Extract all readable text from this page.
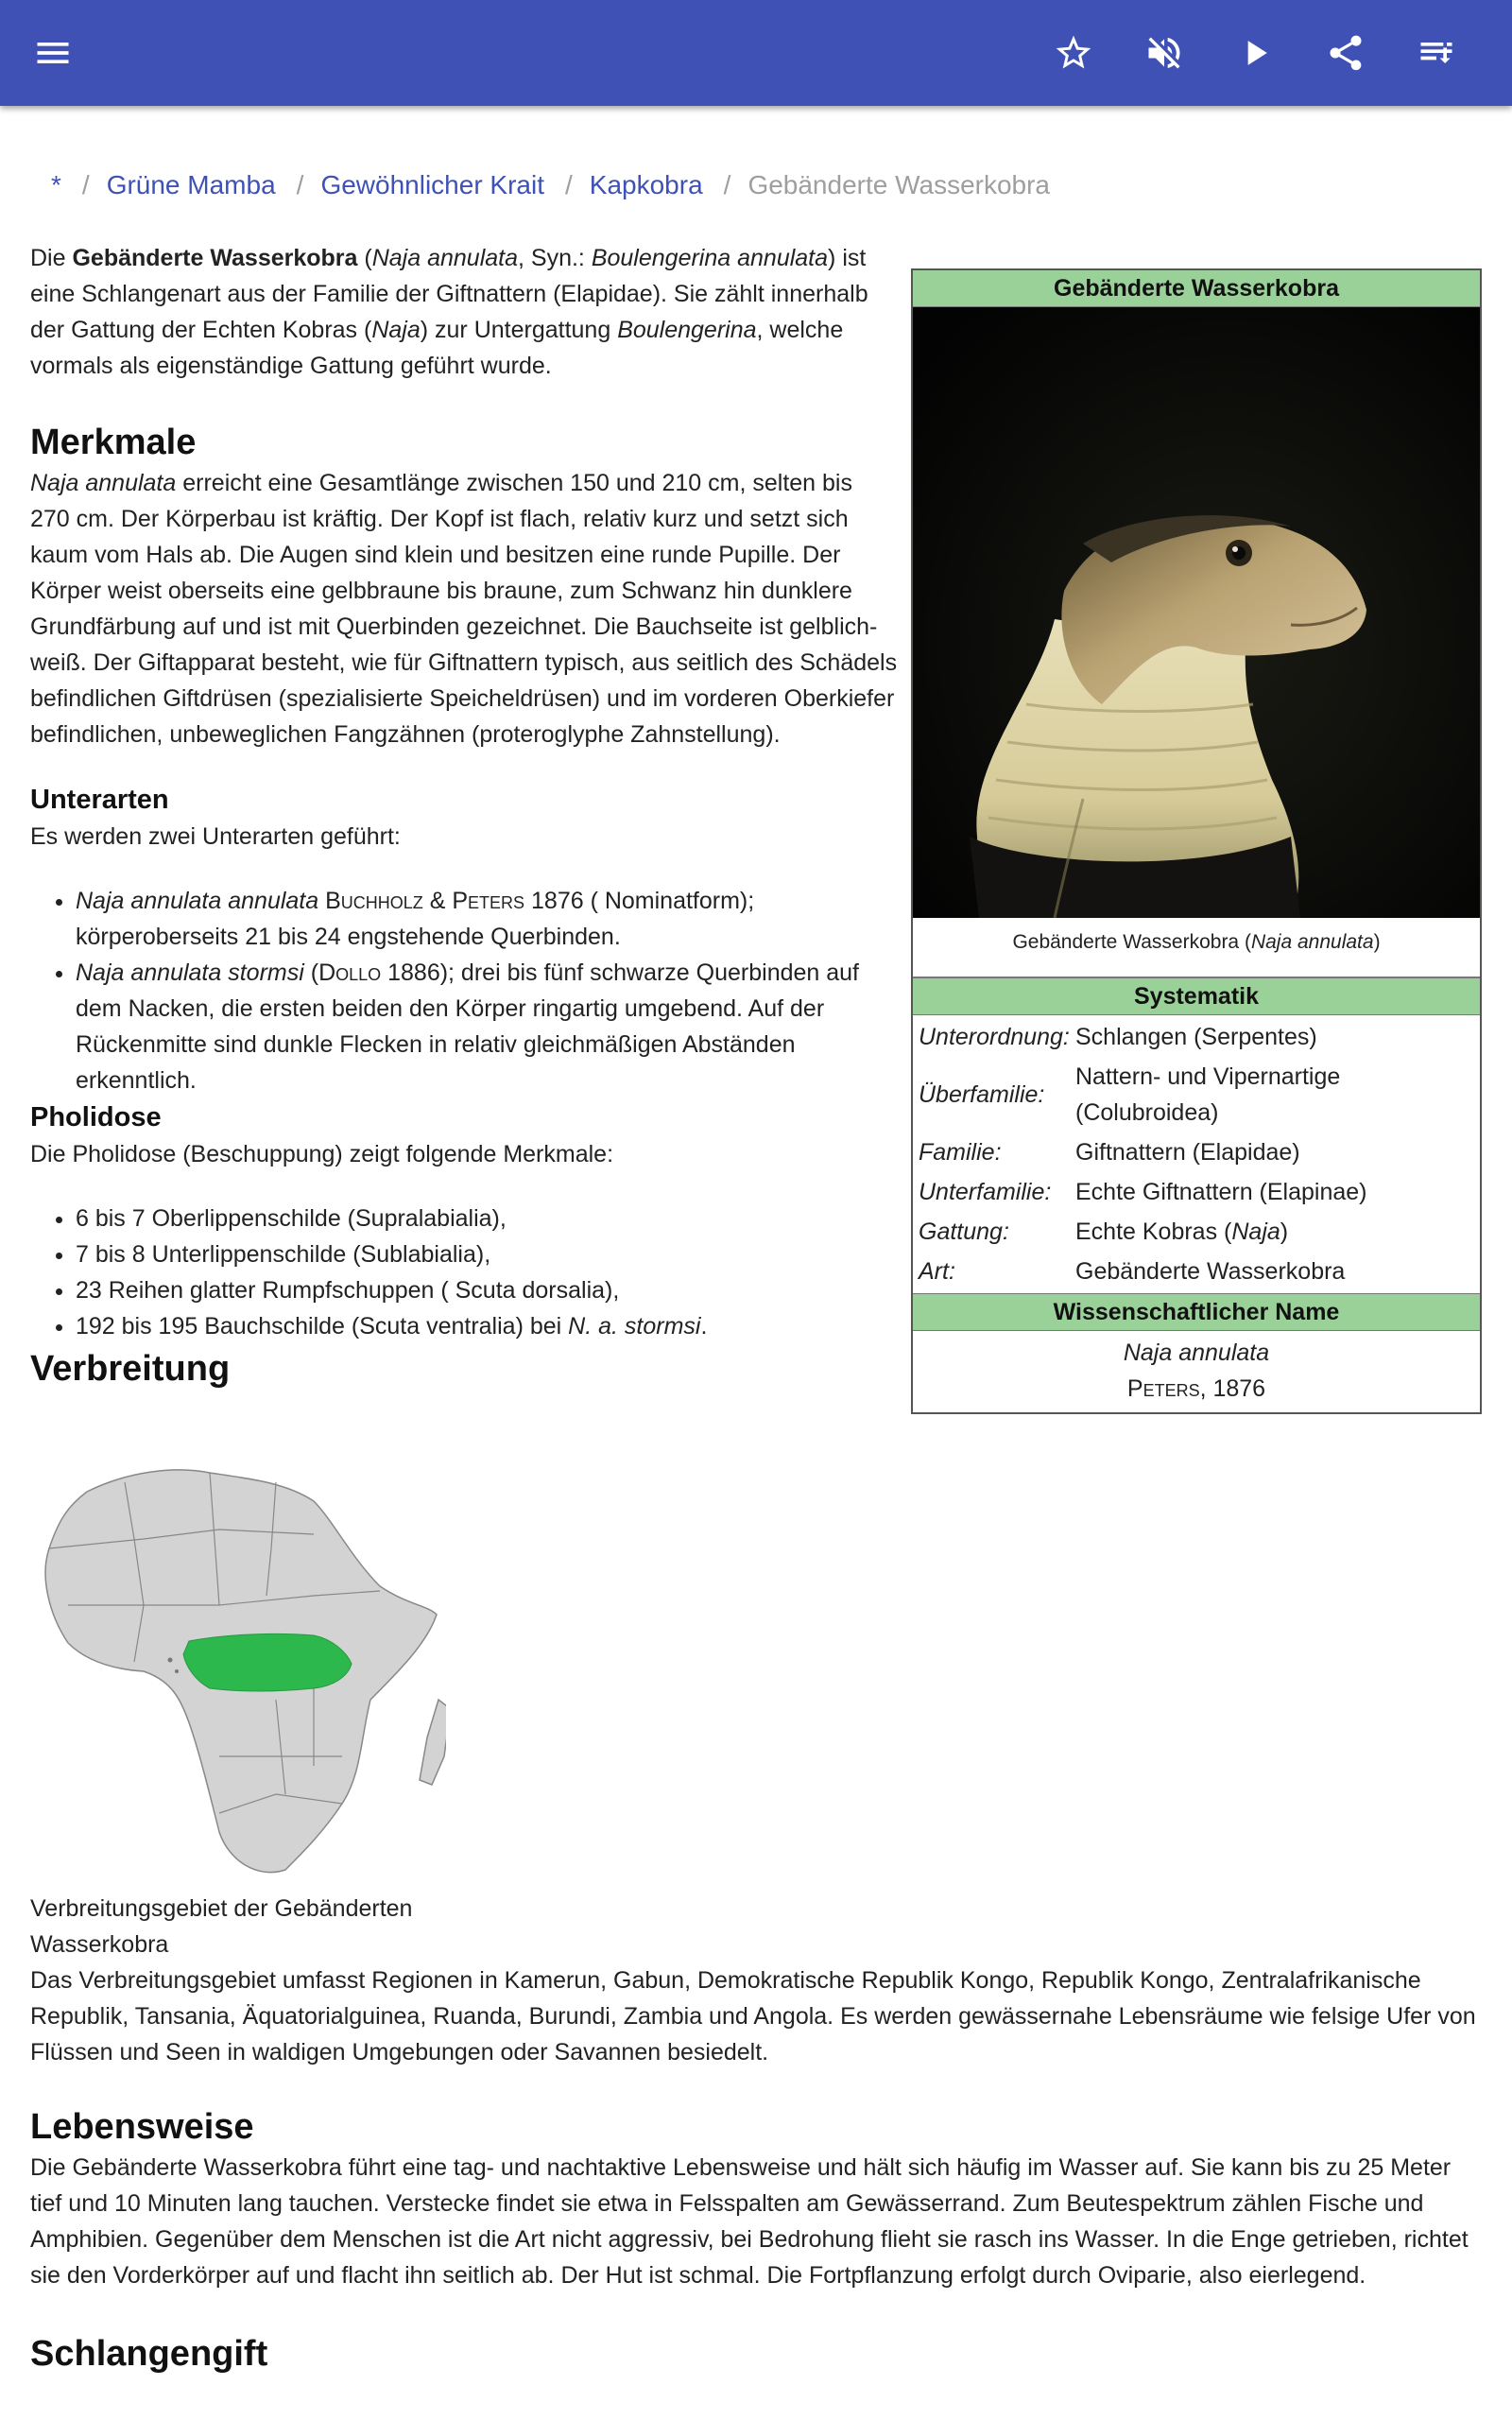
* / Grüne Mamba / Gewöhnlicher Krait / Kapkobra / Gebänderte Wasserkobra

Die Gebänderte Wasserkobra (Naja annulata, Syn.: Boulengerina annulata) ist eine Schlangenart aus der Familie der Giftnattern (Elapidae). Sie zählt innerhalb der Gattung der Echten Kobras (Naja) zur Untergattung Boulengerina, welche vormals als eigenständige Gattung geführt wurde.

Merkmale

Naja annulata erreicht eine Gesamtlänge zwischen 150 und 210 cm, selten bis 270 cm. Der Körperbau ist kräftig. Der Kopf ist flach, relativ kurz und setzt sich kaum vom Hals ab. Die Augen sind klein und besitzen eine runde Pupille. Der Körper weist oberseits eine gelbbraune bis braune, zum Schwanz hin dunklere Grundfärbung auf und ist mit Querbinden gezeichnet. Die Bauchseite ist gelblich-weiß. Der Giftapparat besteht, wie für Giftnattern typisch, aus seitlich des Schädels befindlichen Giftdrüsen (spezialisierte Speicheldrüsen) und im vorderen Oberkiefer befindlichen, unbeweglichen Fangzähnen (proteroglyphe Zahnstellung).

Unterarten

Es werden zwei Unterarten geführt:

• Naja annulata annulata Buchholz & Peters 1876 ( Nominatform); körperoberseits 21 bis 24 engstehende Querbinden.
• Naja annulata stormsi (Dollo 1886); drei bis fünf schwarze Querbinden auf dem Nacken, die ersten beiden den Körper ringartig umgebend. Auf der Rückenmitte sind dunkle Flecken in relativ gleichmäßigen Abständen erkenntlich.
Pholidose

Die Pholidose (Beschuppung) zeigt folgende Merkmale:

• 6 bis 7 Oberlippenschilde (Supralabialia),
• 7 bis 8 Unterlippenschilde (Sublabialia),
• 23 Reihen glatter Rumpfschuppen ( Scuta dorsalia),
• 192 bis 195 Bauchschilde (Scuta ventralia) bei N. a. stormsi.
Verbreitung
Gebänderte Wasserkobra
Gebänderte Wasserkobra (Naja annulata)
Systematik
Unterordnung: Schlangen (Serpentes)
Überfamilie:
Nattern- und Vipernartige (Colubroidea)
Familie:	Giftnattern (Elapidae)
Unterfamilie:	Echte Giftnattern (Elapinae)
Gattung:	Echte Kobras (Naja)
Art:	Gebänderte Wasserkobra
Wissenschaftlicher Name
Naja annulata
Peters, 1876
Verbreitungsgebiet der Gebänderten Wasserkobra
Das Verbreitungsgebiet umfasst Regionen in Kamerun, Gabun, Demokratische Republik Kongo, Republik Kongo, Zentralafrikanische Republik, Tansania, Äquatorialguinea, Ruanda, Burundi, Zambia und Angola. Es werden gewässernahe Lebensräume wie felsige Ufer von Flüssen und Seen in waldigen Umgebungen oder Savannen besiedelt.
Lebensweise

Die Gebänderte Wasserkobra führt eine tag- und nachtaktive Lebensweise und hält sich häufig im Wasser auf. Sie kann bis zu 25 Meter tief und 10 Minuten lang tauchen. Verstecke findet sie etwa in Felsspalten am Gewässerrand. Zum Beutespektrum zählen Fische und Amphibien. Gegenüber dem Menschen ist die Art nicht aggressiv, bei Bedrohung flieht sie rasch ins Wasser. In die Enge getrieben, richtet sie den Vorderkörper auf und flacht ihn seitlich ab. Der Hut ist schmal. Die Fortpflanzung erfolgt durch Oviparie, also eierlegend.

Schlangengift
